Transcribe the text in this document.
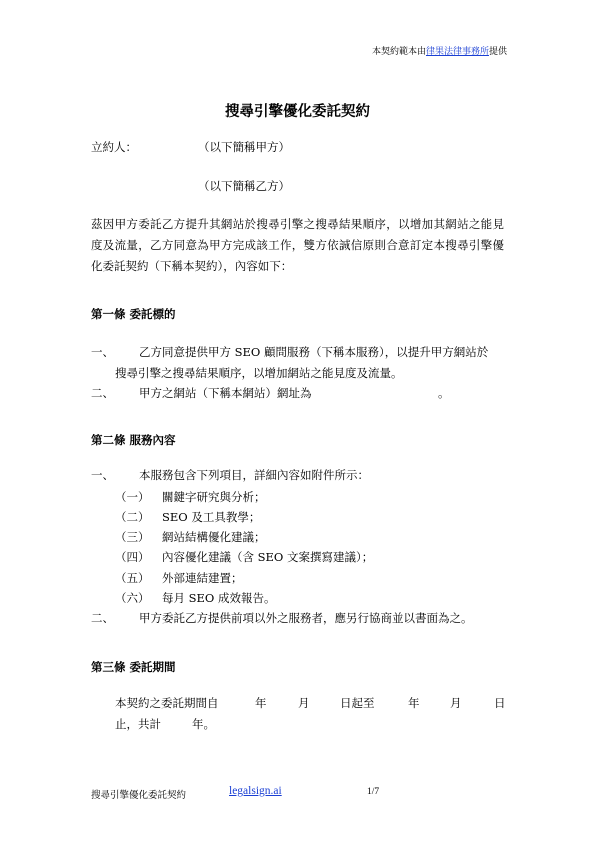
本契約範本由律果法律事務所提供
搜尋引擎優化委託契約
立約人：	（以下簡稱甲方）
（以下簡稱乙方）
茲因甲方委託乙方提升其網站於搜尋引擎之搜尋結果順序，以增加其網站之能見度及流量，乙方同意為甲方完成該工作，雙方依誠信原則合意訂定本搜尋引擎優化委託契約（下稱本契約），內容如下：
第一條 委託標的
一、 乙方同意提供甲方 SEO 顧問服務（下稱本服務），以提升甲方網站於
搜尋引擎之搜尋結果順序，以增加網站之能見度及流量。
二、 甲方之網站（下稱本網站）網址為	。
第二條 服務內容
一、 本服務包含下列項目，詳細內容如附件所示：
（一） 關鍵字研究與分析；
（二） SEO 及工具教學；
（三） 網站結構優化建議；
（四） 內容優化建議（含 SEO 文案撰寫建議）；
（五） 外部連結建置；
（六） 每月 SEO 成效報告。
二、 甲方委託乙方提供前項以外之服務者，應另行協商並以書面為之。
第三條 委託期間
本契約之委託期間自	年	月	日起至	年	月	日
止，共計	年。
搜尋引擎優化委託契約	legalsign.ai	1/7
